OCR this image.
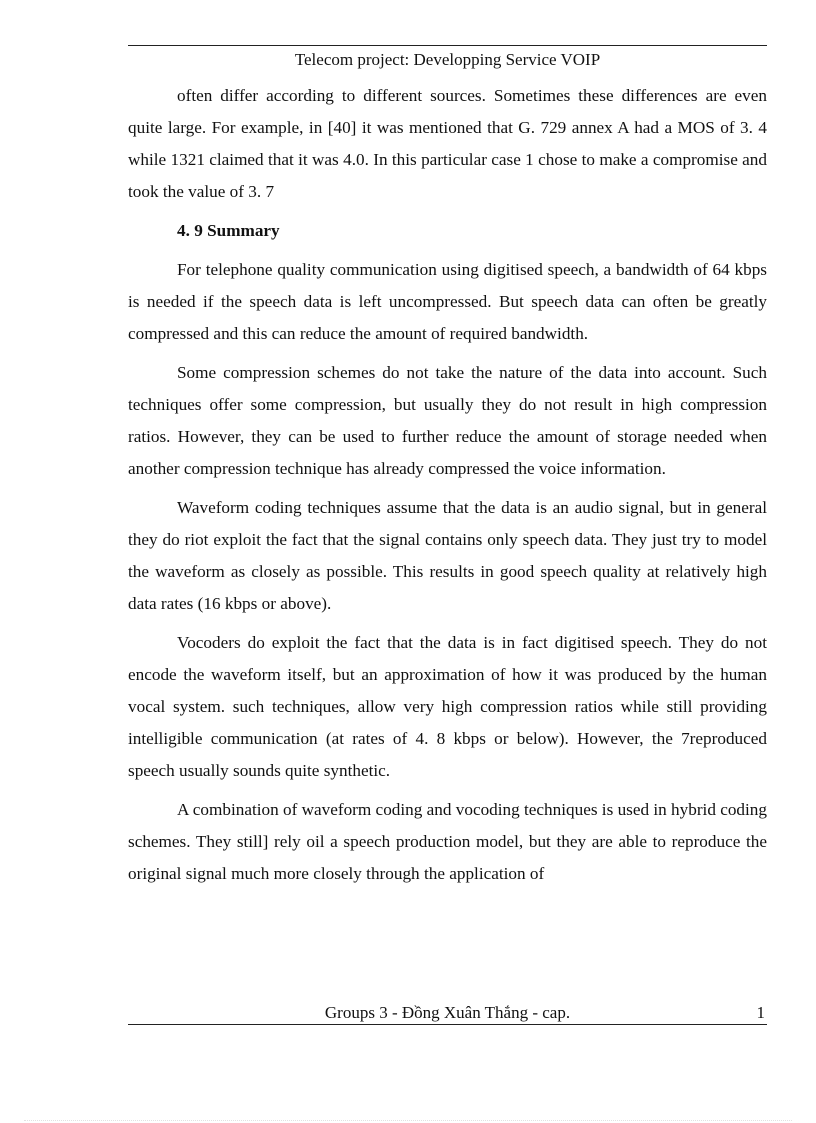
Telecom project: Developping Service VOIP

often differ according to different sources. Sometimes these differences are even quite large. For example, in [40] it was mentioned that G. 729 annex A had a MOS of 3. 4 while 1321 claimed that it was 4.0. In this particular case 1 chose to make a compromise and took the value of 3. 7

4. 9 Summary

For telephone quality communication using digitised speech, a bandwidth of 64 kbps is needed if the speech data is left uncompressed. But speech data can often be greatly compressed and this can reduce the amount of required bandwidth.

Some compression schemes do not take the nature of the data into account. Such techniques offer some compression, but usually they do not result in high compression ratios. However, they can be used to further reduce the amount of storage needed when another compression technique has already compressed the voice information.

Waveform coding techniques assume that the data is an audio signal, but in general they do riot exploit the fact that the signal contains only speech data. They just try to model the waveform as closely as possible. This results in good speech quality at relatively high data rates (16 kbps or above).

Vocoders do exploit the fact that the data is in fact digitised speech. They do not encode the waveform itself, but an approximation of how it was produced by the human vocal system. such techniques, allow very high compression ratios while still providing intelligible communication (at rates of 4. 8 kbps or below). However, the 7reproduced speech usually sounds quite synthetic.

A combination of waveform coding and vocoding techniques is used in hybrid coding schemes. They still] rely oil a speech production model, but they are able to reproduce the original signal much more closely through the application of

Groups 3 - Đồng Xuân Thắng - cap.	1
